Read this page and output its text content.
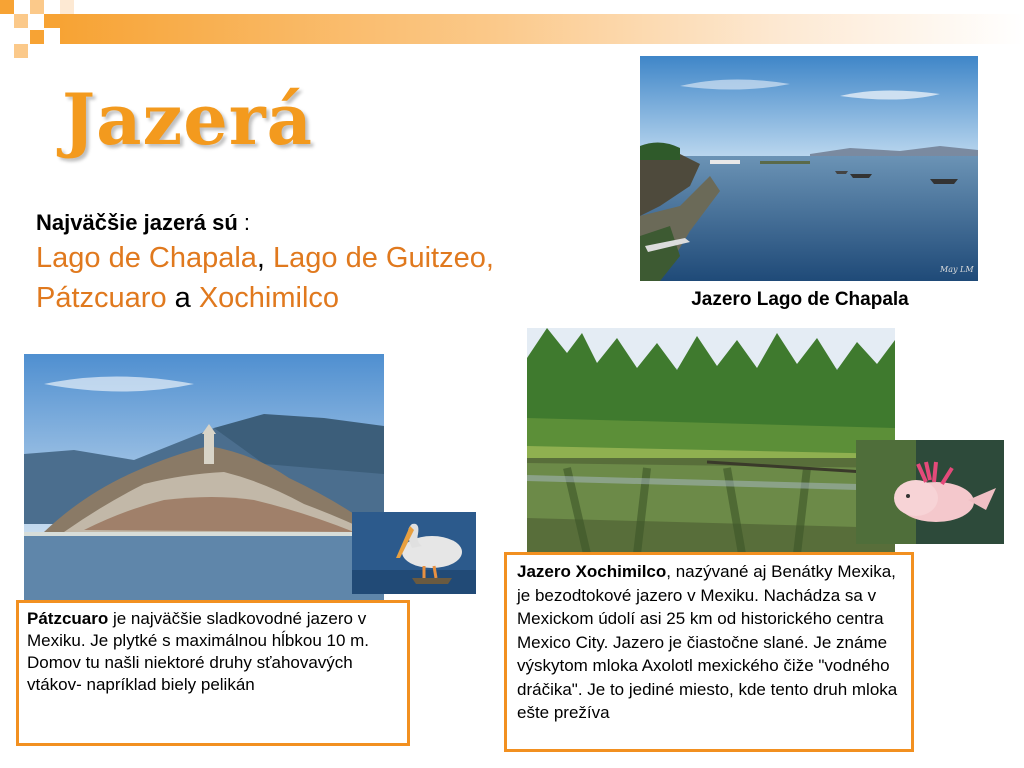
Jazerá
Najväčšie jazerá sú :
Lago de Chapala, Lago de Guitzeo,
Pátzcuaro a Xochimilco
May LM
Jazero Lago de Chapala
Pátzcuaro je najväčšie sladkovodné jazero v Mexiku. Je plytké s maximálnou hĺbkou 10 m. Domov tu našli niektoré druhy sťahovavých vtákov- napríklad biely pelikán
Jazero Xochimilco, nazývané aj Benátky Mexika, je bezodtokové jazero v Mexiku. Nachádza sa v Mexickom údolí asi 25 km od historického centra Mexico City. Jazero je čiastočne slané. Je známe výskytom mloka Axolotl mexického čiže "vodného dráčika". Je to jediné miesto, kde tento druh mloka ešte prežíva
